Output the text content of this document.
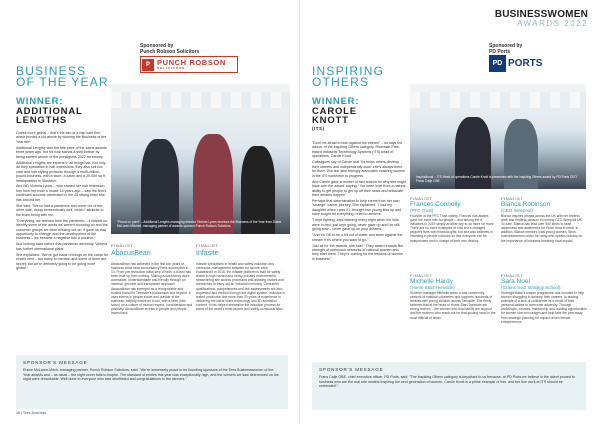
Sponsored by
Punch Robson Solicitors
P PUNCH ROBSON
SOLICITORS
BUSINESS
OF THE YEAR
WINNER:
ADDITIONAL
LENGTHS

Guess more global – that's the aim of a hair care firm which proved a cut above by winning the Business of the Year title.

Additional Lengths won the title prize of the same awards three years ago, but it's now stands a step further by being named winner of the prestigious 2022 ceremony.

Additional Lengths are experts in all things hair. Not only do they specialise in hair extensions, they also sell low care and hair styling products through a multi-million-pound business, with a store, a salon and a 20,000 sq ft headquarters in Stockton.

And MD Victoria Lyons – who started her hair extension firm from her mum's house 14 years ago – saw the firm's continued success celebrated in the 25 strong team she has around her.

She said: "We've had a pandemic and come out of the other side, doing tremendously well, which I attribute to the team being with me.

"Everything, we learned from the pandemic – it helped us identify some of the areas we weren't focusing on and the customer groups we were missing out on. It gave us that opportunity to change, and the development of the business – we became a negative into a positive."

And looking back before that pandemic adversity, Victoria has further international plans.

She explained: "We've got loads of things on the cards for what's next – too many to mention and some of them are secret, but we're definitely going to be going more global."

"Proud on point" – Additional Lengths managing director Victoria Lyons receives the Business of the Year from Diane McLaren Mitchell, managing partner of awards sponsor Punch Robson Solicitors.
FINALIST
AbacusBean
AbacusBean has achieved in the first two years of business what most accountancy firms accomplish in 10. From pre-revolution initial step of faith, a board has been built up from nothing. Making accountancy more accessible, understandable and friendly through an informal, genuine and transparent approach. AbacusBean has emerged as a recognisable and trusted brand for Teesside's businesses and beyond. It uses events in people inside and outside of the business, helping wherever it can, with a keen (fast focus) on a culture of mutual respect, consideration and positivity. AbacusBean invests in people and people invest back.
FINALIST
Infasite
Infasite specialises in health and safety induction and contractor management software for secure sites. Established in 2016, the Infasite platform is built for safety teams in high hazard and heavy industry environments, streamlining site access processes and allowing visitors and contractors to carry out an induction remotely. Contractor qualifications, competencies and risk assessments are also requested and verified through the digital system. Induction's tested production line more than 20 years of experience in delivering the latest video technology and 3D animation content. It has helped streamline the induction process for some of the world's most secure and safety-conscious sites.
SPONSOR'S MESSAGE
Elaine McLaren-Mitch, managing partner, Punch Robson Solicitors, said: "We're immensely proud to be founding sponsors of the Tees Businesswomen of the Year awards and – as usual – the night never fails to inspire. The standard of entries this year was exceptionally high, and the winners we saw determined on the night were remarkable. Well done to everyone who was shortlisted and congratulations to the winners."
36 | Tees Business
BUSINESSWOMEN
AWARDS 2022
Sponsored by
PD Ports
PD PORTS
INSPIRING
OTHERS
WINNER:
CAROLE
KNOTT
(ITS)

"Don't be afraid to lean against the stream" – so says the winner of the Inspiring Others category. Riverside Park-based Industrial Technology Systems (ITS) head of operations, Carole Knott.

Colleagues say of Carole that 'it's helps others develop their careers and independently work, she's always there for them. But she also strongly advocates enabling women in the ITS workforce to progress.

And Carole gave a mother of fact reason for why she might have won the award, saying: "I've been brief from a natural ability to get people to get up off their seats and articulate their dreams happen".

Perhaps that determination to help stems from her own "strange" career journey. She explained: "I had my daughter when I was 21, brought two young kids up and have fought for everything I tried to achieve.

"I kept fighting, kept learning every night when the kids were in bed, just kept going, never gave up and I'm still going now – never gave up on your dreams.

"And it's OK to be a bit out of water and swim against the stream if it's where you want to go."

Just as for the awards, she said: "They award invests like strength of numerous networks of national women and they start them. They're coming for the lessons of women in business".

Inspirational – ITS Head of operations Carole Knott is presented with the Inspiring Others award by PD Ports CEO Frans Calje CBE.
FINALIST
Frances Connolly
(PFC Trust)
Founder of the PFC Trust charity, Frances has always gone the extra mile for people – and among the 8 initiatives in 2019 simply another key to do more for more. There are no more examples of how she's changed people's lives with financial gifts, but she also believes in investing in people's futures so that everyone can be independent and in charge of their own destiny.
FINALIST
Bianca Robinson
(CEO Sleepout)
Bianca inspires people across the UK with her tireless work and endless passion in running CEO Sleepout UK. To date, Bianca has lead over 400 times to raise awareness and awareness for those most in need. In addition, Bianca mentors local young women. Work businesswomen under her wing who speaks publicly on the importance of business breaking local impact.
FINALIST
Michelle Hardy
(Home Start Teesside)
Scheme manager Michelle leads a vital community network of national volunteers and supports hundreds of families with young children across Teesside. She firmly believes that at the heart of Home-Start Teesside are strong women – the women who lead family are support and the mothers who reach out for that guiding hand in the most difficult of times.
FINALIST
Sara Noel
(Grains Soul Strategy School)
Stobnigill Bank's unique programme was founded to help women struggling to develop their careers. In leading example of a lack of confidence as a result of their personal battles to overcome adversity. Through workshops, courses, mentorship and building opportunities for women she encourages and help take the jobs away from strategic planning for impact driven female entrepreneurs.
SPONSOR'S MESSAGE
Frans Calje OBE, chief executive officer, PD Ports, said: "The Inspiring Others category is important to us because, at PD Ports we believe in the talent poured to business who are the real role models inspiring the next generation of women. Carole Knott is a prime example of this, and her fine work at ITS should be celebrated."
